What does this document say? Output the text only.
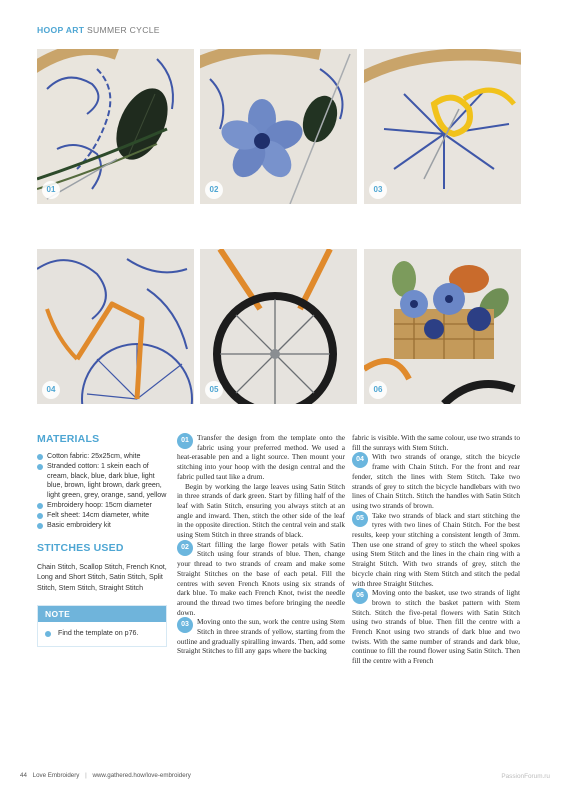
HOOP ART SUMMER CYCLE
01	02	03
04	05	06
MATERIALS
Cotton fabric: 25x25cm, white
Stranded cotton: 1 skein each of cream, black, blue, dark blue, light blue, brown, light brown, dark green, light green, grey, orange, sand, yellow
Embroidery hoop: 15cm diameter
Felt sheet: 14cm diameter, white
Basic embroidery kit
STITCHES USED

Chain Stitch, Scallop Stitch, French Knot, Long and Short Stitch, Satin Stitch, Split Stitch, Stem Stitch, Straight Stitch

NOTE
Find the template on p76.

01	Transfer the design from the template onto the fabric using your preferred method. We used a heat-erasable pen and a light source. Then mount your stitching into your hoop with the design central and the fabric pulled taut like a drum.

Begin by working the large leaves using Satin Stitch in three strands of dark green. Start by filling half of the leaf with Satin Stitch, ensuring you always stitch at an angle and inward. Then, stitch the other side of the leaf in the opposite direction. Stitch the central vein and stalk using Stem Stitch in three strands of black.

02	Start filling the large flower petals with Satin Stitch using four strands of blue. Then, change your thread to two strands of cream and make some Straight Stitches on the base of each petal. Fill the centres with seven French Knots using six strands of dark blue. To make each French Knot, twist the needle around the thread two times before bringing the needle down.

03	Moving onto the sun, work the centre using Stem Stitch in three strands of yellow, starting from the outline and gradually spiralling inwards. Then, add some Straight Stitches to fill any gaps where the backing

fabric is visible. With the same colour, use two strands to fill the sunrays with Stem Stitch.

04	With two strands of orange, stitch the bicycle frame with Chain Stitch. For the front and rear fender, stitch the lines with Stem Stitch. Take two strands of grey to stitch the bicycle handlebars with two lines of Chain Stitch. Stitch the handles with Satin Stitch using two strands of brown.

05	Take two strands of black and start stitching the tyres with two lines of Chain Stitch. For the best results, keep your stitching a consistent length of 3mm. Then use one strand of grey to stitch the wheel spokes using Stem Stitch and the lines in the chain ring with a Straight Stitch. With two strands of grey, stitch the bicycle chain ring with Stem Stitch and stitch the pedal with three Straight Stitches.

06	Moving onto the basket, use two strands of light brown to stitch the basket pattern with Stem Stitch. Stitch the five-petal flowers with Satin Stitch using two strands of blue. Then fill the centre with a French Knot using two strands of dark blue and two twists. With the same number of strands and dark blue, continue to fill the round flower using Satin Stitch. Then fill the centre with a French

44 Love Embroidery | www.gathered.how/love-embroidery	PassionForum.ru
